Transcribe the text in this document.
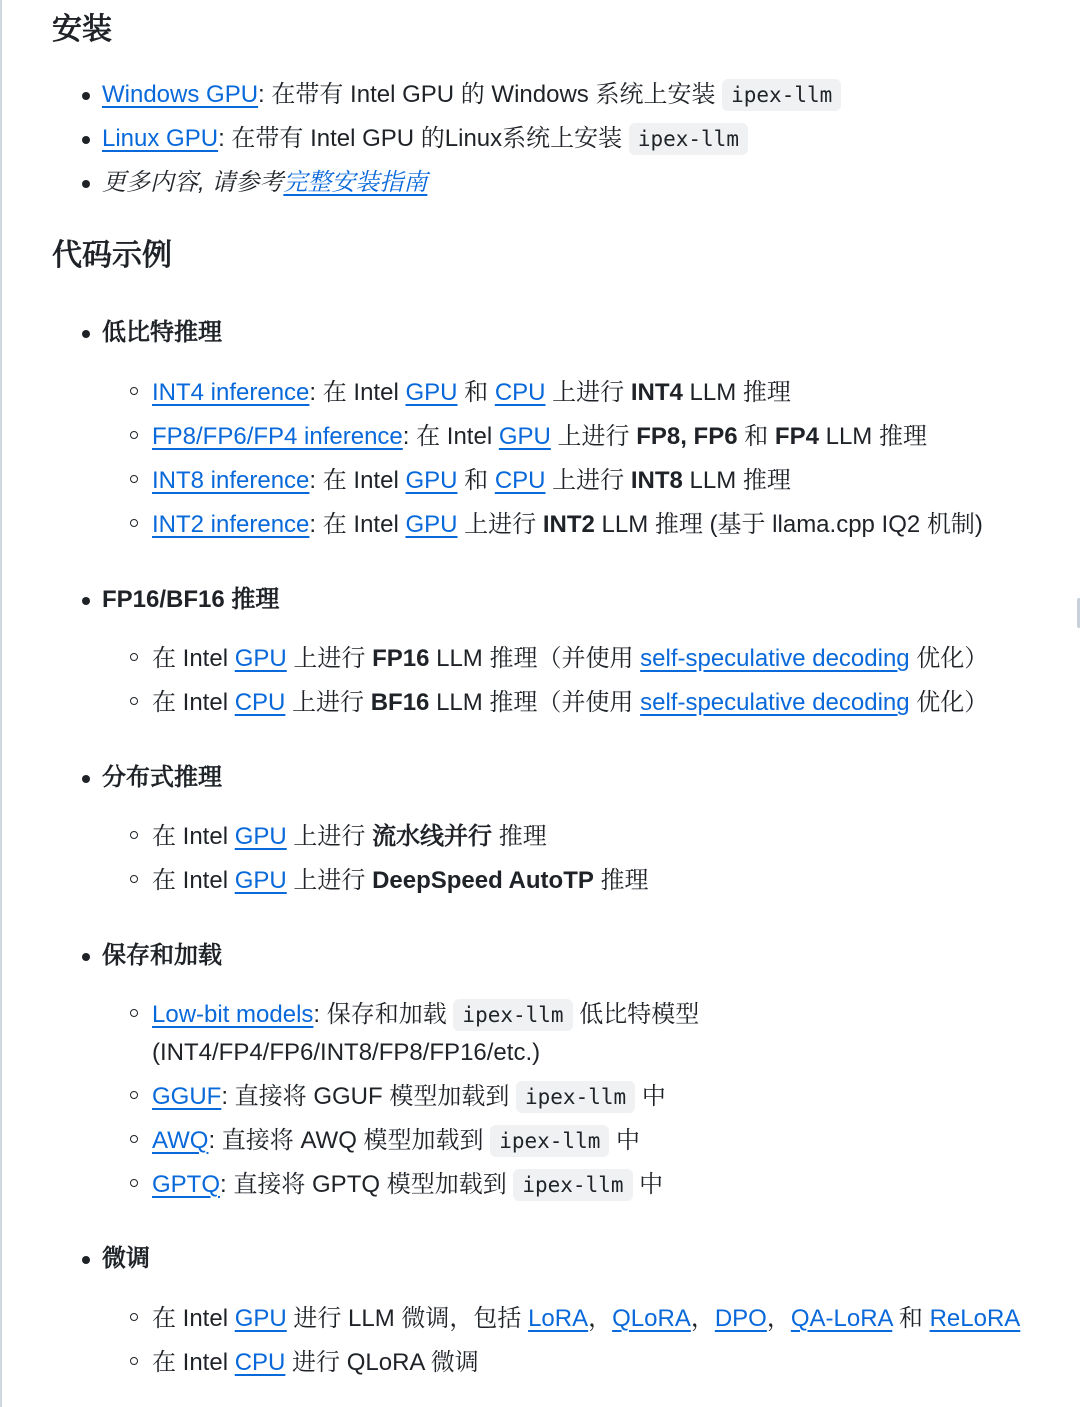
安装
Windows GPU: 在带有 Intel GPU 的 Windows 系统上安装 ipex-llm
Linux GPU: 在带有 Intel GPU 的Linux系统上安装 ipex-llm
更多内容, 请参考完整安装指南
代码示例
低比特推理
INT4 inference: 在 Intel GPU 和 CPU 上进行 INT4 LLM 推理
FP8/FP6/FP4 inference: 在 Intel GPU 上进行 FP8, FP6 和 FP4 LLM 推理
INT8 inference: 在 Intel GPU 和 CPU 上进行 INT8 LLM 推理
INT2 inference: 在 Intel GPU 上进行 INT2 LLM 推理 (基于 llama.cpp IQ2 机制)
FP16/BF16 推理
在 Intel GPU 上进行 FP16 LLM 推理（并使用 self-speculative decoding 优化）
在 Intel CPU 上进行 BF16 LLM 推理（并使用 self-speculative decoding 优化）
分布式推理
在 Intel GPU 上进行 流水线并行 推理
在 Intel GPU 上进行 DeepSpeed AutoTP 推理
保存和加载
Low-bit models: 保存和加载 ipex-llm 低比特模型
(INT4/FP4/FP6/INT8/FP8/FP16/etc.)
GGUF: 直接将 GGUF 模型加载到 ipex-llm 中
AWQ: 直接将 AWQ 模型加载到 ipex-llm 中
GPTQ: 直接将 GPTQ 模型加载到 ipex-llm 中
微调
在 Intel GPU 进行 LLM 微调，包括 LoRA，QLoRA，DPO，QA-LoRA 和 ReLoRA
在 Intel CPU 进行 QLoRA 微调
